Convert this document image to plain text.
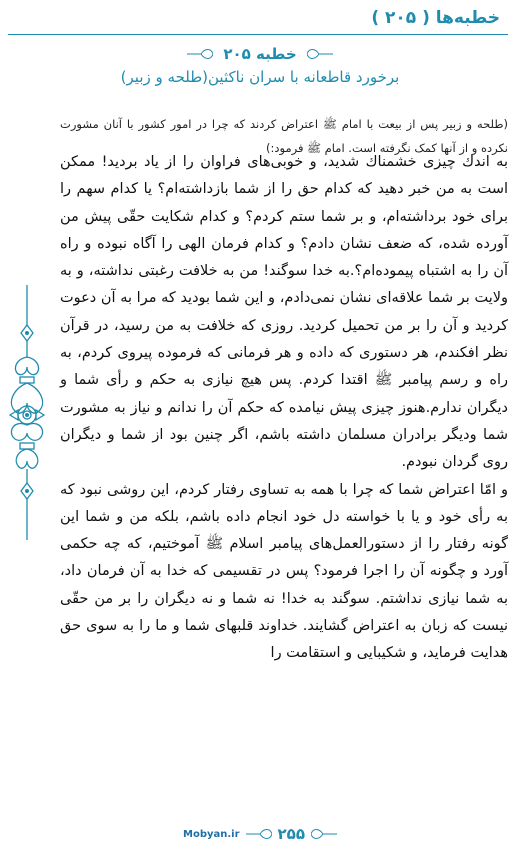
خطبه‌ها ( ۲۰۵ )
خطبه ۲۰۵
برخورد قاطعانه با سران ناکثین(طلحه و زبیر)
(طلحه و زبیر پس از بیعت با امام ﷺ اعتراض کردند که چرا در امور کشور با آنان مشورت نکرده و از آنها کمک نگرفته است. امام ﷺ فرمود:)

به اندك چيزى خشمناك شديد، و خوبی‌های فراوان را از ياد برديد! ممكن است به من خبر دهيد كه كدام حق را از شما بازداشته‌ام؟ يا كدام سهم را براى خود برداشته‌ام، و بر شما ستم كردم؟ و كدام شكايت حقّى پيش من آورده شده، كه ضعف نشان دادم؟ و كدام فرمان الهى را آگاه نبوده و راه آن را به اشتباه پيموده‌ام؟.به خدا سوگند! من به خلافت رغبتى نداشته، و به ولايت بر شما علاقه‌ای نشان نمی‌دادم، و اين شما بوديد كه مرا به آن دعوت كرديد و آن را بر من تحميل كرديد. روزى كه خلافت به من رسيد، در قرآن نظر افكندم، هر دستورى كه داده و هر فرمانى كه فرموده پيروى كردم، به راه و رسم پيامبر ﷺ اقتدا كردم. پس هيچ نيازى به حكم و رأى شما و ديگران ندارم.هنوز چيزى پيش نيامده كه حكم آن را ندانم و نياز به مشورت شما وديگر برادران مسلمان داشته باشم، اگر چنين بود از شما و ديگران روى گردان نبودم.

و امّا اعتراض شما كه چرا با همه به تساوى رفتار كردم، اين روشى نبود كه به رأى خود و يا با خواسته دل خود انجام داده باشم، بلكه من و شما اين گونه رفتار را از دستورالعمل‌های پيامبر اسلام ﷺ آموختيم، كه چه حكمى آورد و چگونه آن را اجرا فرمود؟ پس در تقسيمى كه خدا به آن فرمان داد، به شما نيازى نداشتم. سوگند به خدا! نه شما و نه ديگران را بر من حقّى نيست كه زبان به اعتراض گشايند. خداوند قلبهاى شما و ما را به سوى حق هدايت فرمايد، و شكيبايى و استقامت را

Mobyan.ir	۲۵۵
